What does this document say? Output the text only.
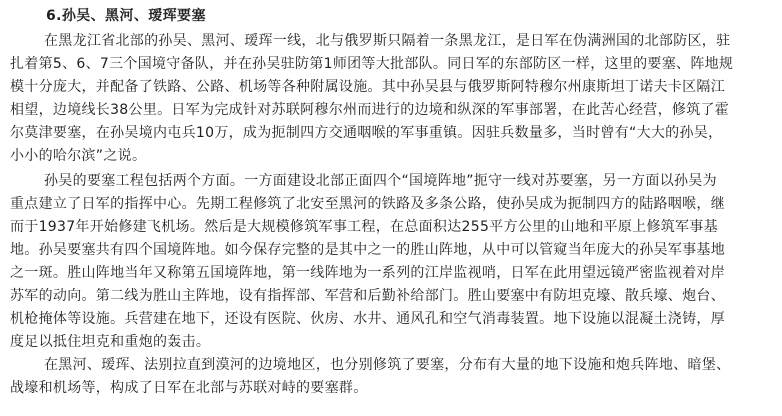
6.孙吴、黑河、瑷珲要塞
在黑龙江省北部的孙吴、黑河、瑷珲一线，北与俄罗斯只隔着一条黑龙江，是日军在伪满洲国的北部防区，驻
扎着第5、6、7三个国境守备队，并在孙吴驻防第1师团等大批部队。同日军的东部防区一样，这里的要塞、阵地规
模十分庞大，并配备了铁路、公路、机场等各种附属设施。其中孙吴县与俄罗斯阿特穆尔州康斯坦丁诺夫卡区隔江
相望，边境线长38公里。日军为完成针对苏联阿穆尔州而进行的边境和纵深的军事部署，在此苦心经营，修筑了霍
尔莫津要塞，在孙吴境内屯兵10万，成为扼制四方交通咽喉的军事重镇。因驻兵数量多，当时曾有“大大的孙吴，
小小的哈尔滨”之说。
孙吴的要塞工程包括两个方面。一方面建设北部正面四个“国境阵地”扼守一线对苏要塞，另一方面以孙吴为
重点建立了日军的指挥中心。先期工程修筑了北安至黑河的铁路及多条公路，使孙吴成为扼制四方的陆路咽喉，继
而于1937年开始修建飞机场。然后是大规模修筑军事工程，在总面积达255平方公里的山地和平原上修筑军事基
地。孙吴要塞共有四个国境阵地。如今保存完整的是其中之一的胜山阵地，从中可以管窥当年庞大的孙吴军事基地
之一斑。胜山阵地当年又称第五国境阵地，第一线阵地为一系列的江岸监视哨，日军在此用望远镜严密监视着对岸
苏军的动向。第二线为胜山主阵地，设有指挥部、军营和后勤补给部门。胜山要塞中有防坦克壕、散兵壕、炮台、
机枪掩体等设施。兵营建在地下，还设有医院、伙房、水井、通风孔和空气消毒装置。地下设施以混凝土浇铸，厚
度足以抵住坦克和重炮的轰击。
在黑河、瑷珲、法别拉直到漠河的边境地区，也分别修筑了要塞，分布有大量的地下设施和炮兵阵地、暗堡、
战壕和机场等，构成了日军在北部与苏联对峙的要塞群。
